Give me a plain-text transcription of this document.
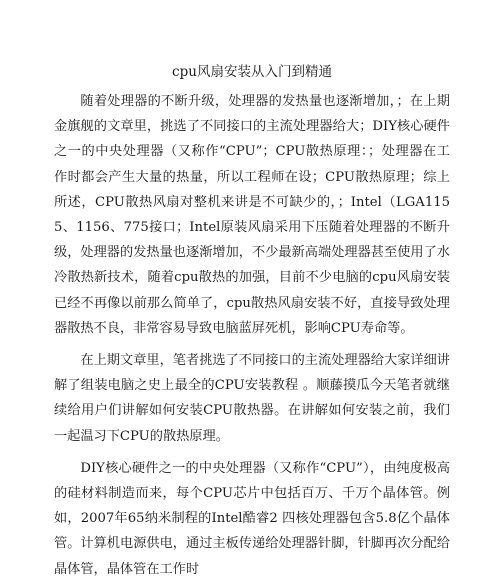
cpu风扇安装从入门到精通

随着处理器的不断升级，处理器的发热量也逐渐增加，；在上期金旗舰的文章里，挑选了不同接口的主流处理器给大；DIY核心硬件之一的中央处理器（又称作“CPU”；CPU散热原理：；处理器在工作时都会产生大量的热量，所以工程师在设；CPU散热原理；综上所述，CPU散热风扇对整机来讲是不可缺少的，；Intel（LGA1155、1156、775接口；Intel原装风扇采用下压随着处理器的不断升级，处理器的发热量也逐渐增加，不少最新高端处理器甚至使用了水冷散热新技术，随着cpu散热的加强，目前不少电脑的cpu风扇安装已经不再像以前那么简单了，cpu散热风扇安装不好，直接导致处理器散热不良，非常容易导致电脑蓝屏死机，影响CPU寿命等。

在上期文章里，笔者挑选了不同接口的主流处理器给大家详细讲解了组装电脑之史上最全的CPU安装教程 。顺藤摸瓜今天笔者就继续给用户们讲解如何安装CPU散热器。在讲解如何安装之前，我们一起温习下CPU的散热原理。

DIY核心硬件之一的中央处理器（又称作“CPU”），由纯度极高的硅材料制造而来，每个CPU芯片中包括百万、千万个晶体管。例如，2007年65纳米制程的Intel酷睿2 四核处理器包含5.8亿个晶体管。计算机电源供电，通过主板传递给处理器针脚，针脚再次分配给晶体管，晶体管在工作时
